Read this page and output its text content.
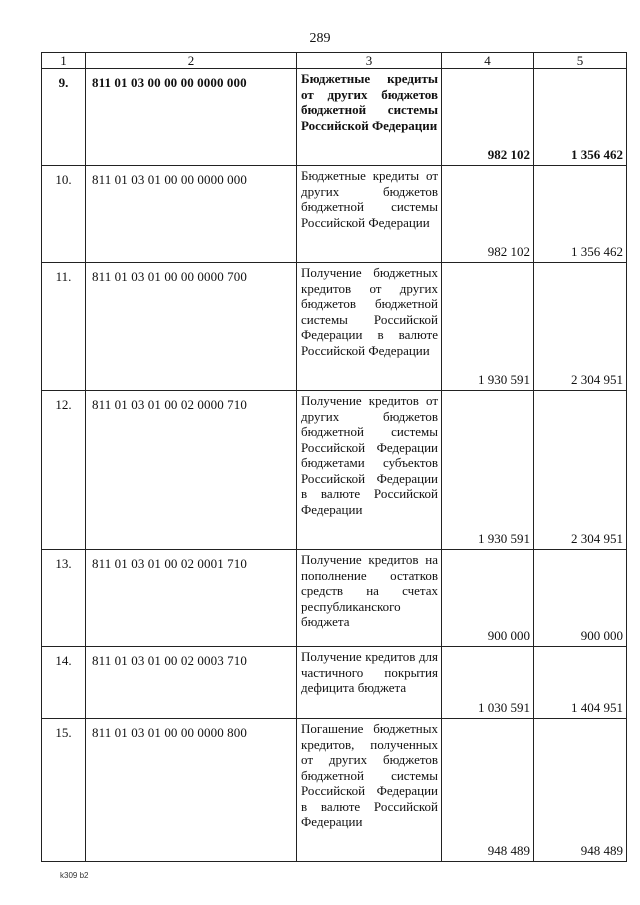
289
1	2	3	4	5
9.	811 01 03 00 00 00 0000 000	Бюджетные кредиты от других бюджетов бюджетной системы Российской Федерации	982 102	1 356 462
10.	811 01 03 01 00 00 0000 000	Бюджетные кредиты от других бюджетов бюджетной системы Российской Федерации	982 102	1 356 462
11.	811 01 03 01 00 00 0000 700	Получение бюджетных кредитов от других бюджетов бюджетной системы Российской Федерации в валюте Российской Федерации	1 930 591	2 304 951
12.	811 01 03 01 00 02 0000 710	Получение кредитов от других бюджетов бюджетной системы Российской Федерации бюджетами субъектов Российской Федерации в валюте Российской Федерации	1 930 591	2 304 951
13.	811 01 03 01 00 02 0001 710	Получение кредитов на пополнение остатков средств на счетах республиканского бюджета	900 000	900 000
14.	811 01 03 01 00 02 0003 710	Получение кредитов для частичного покрытия дефицита бюджета	1 030 591	1 404 951
15.	811 01 03 01 00 00 0000 800	Погашение бюджетных кредитов, полученных от других бюджетов бюджетной системы Российской Федерации в валюте Российской Федерации	948 489	948 489
k309 b2
